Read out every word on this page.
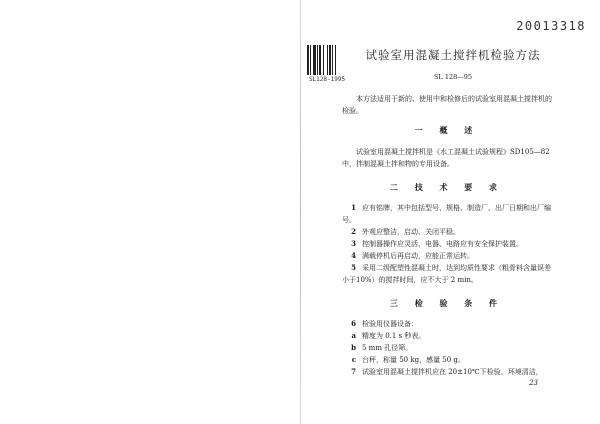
20013318
SL128-1995
试验室用混凝土搅拌机检验方法
SL 128—95

本方法适用于新的、使用中和检修后的试验室用混凝土搅拌机的检验。

一 概 述

试验室用混凝土搅拌机是《水工混凝土试验规程》SD105—82中，拌制混凝土拌和物的专用设备。

二 技 术 要 求
1 应有铭牌，其中包括型号、规格、制造厂、出厂日期和出厂编号。
2 外观应整洁，启动、关闭平稳。
3 控制器操作应灵活，电器、电路应有安全保护装置。
4 满载停机后再启动，应能正常运转。
5 采用二级配塑性混凝土时，达到均质性要求（粗骨料含量误差小于10%）的搅拌时间，应不大于 2 min。
三 检 验 条 件
6 检验用仪器设备：
a 精度为 0.1 s 秒表。
b 5 mm 孔径筛。
c 台秤，称量 50 kg，感量 50 g。
7 试验室用混凝土搅拌机应在 20±10℃下检验，环境清洁，
23
